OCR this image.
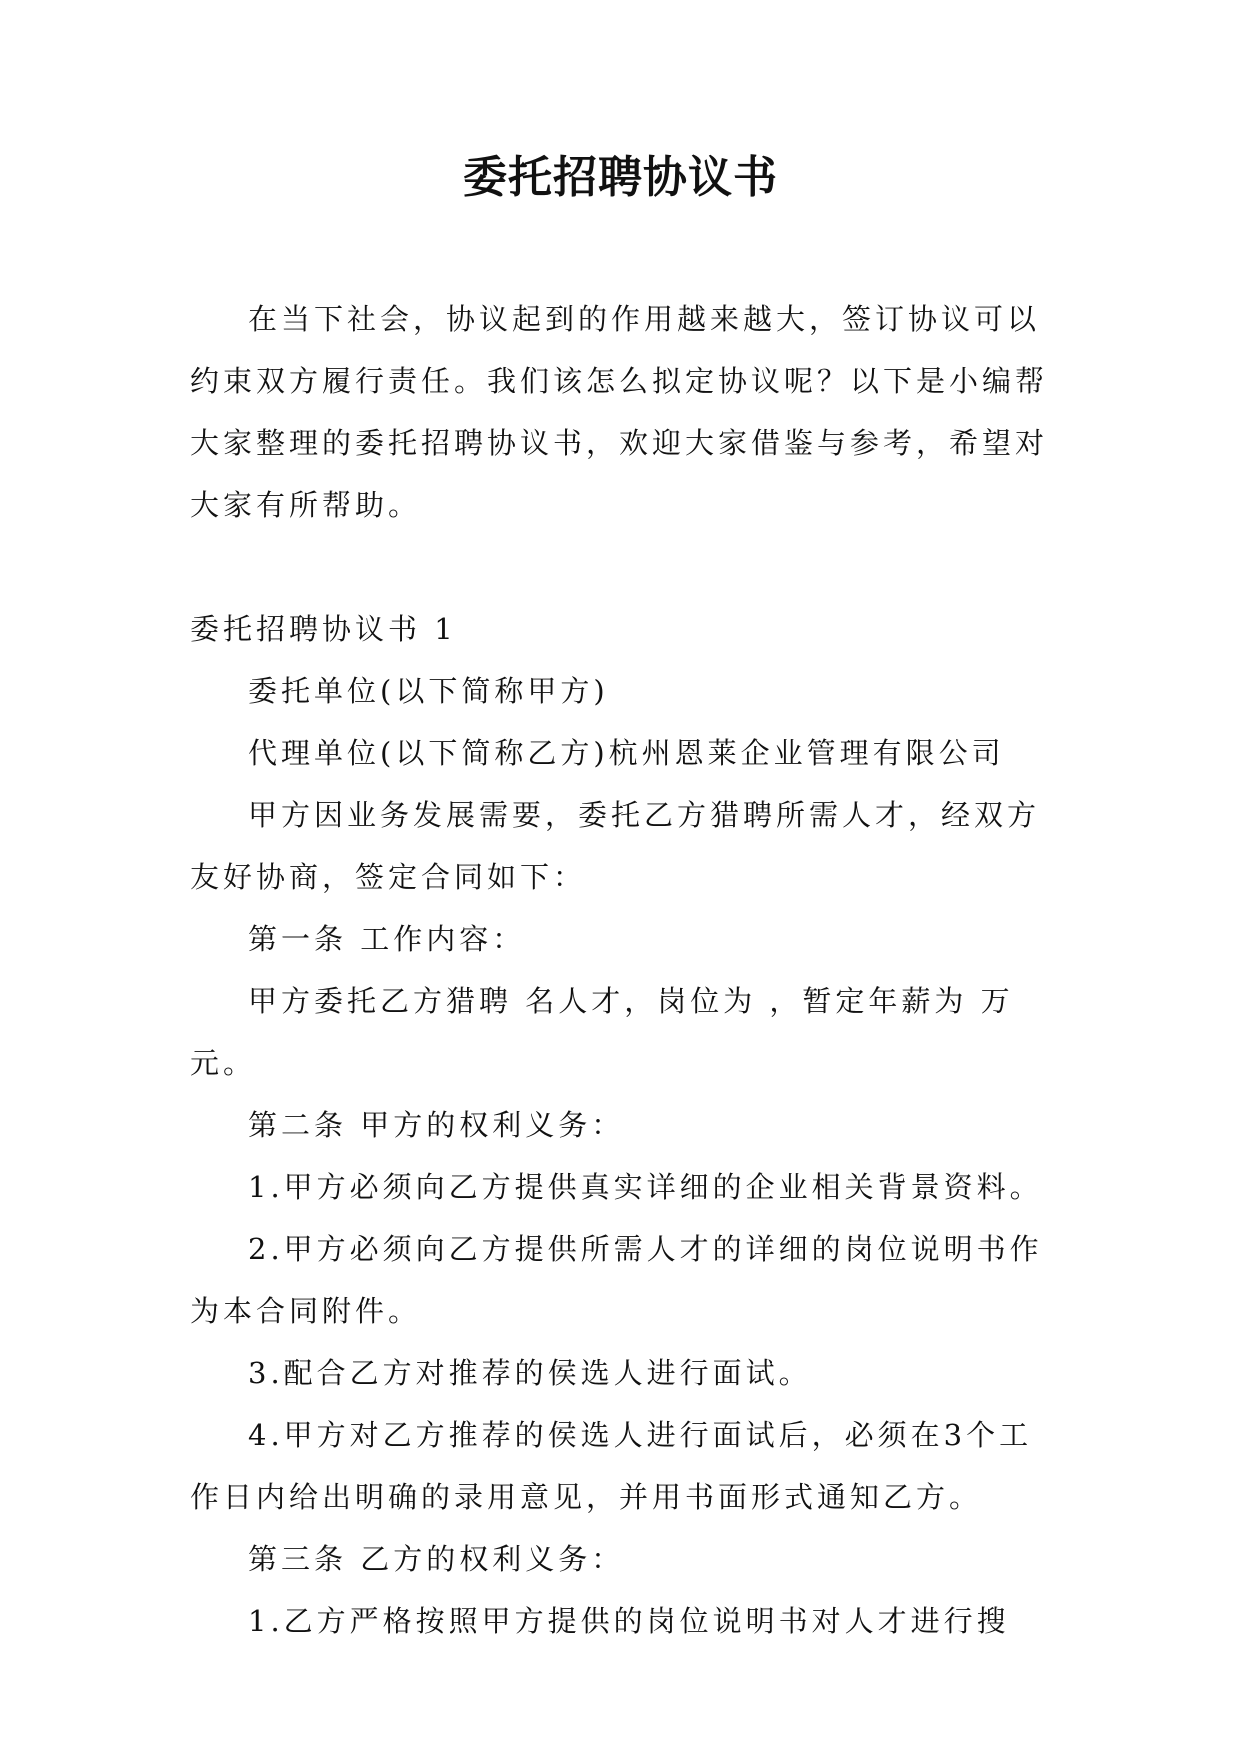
委托招聘协议书

在当下社会，协议起到的作用越来越大，签订协议可以约束双方履行责任。我们该怎么拟定协议呢？以下是小编帮大家整理的委托招聘协议书，欢迎大家借鉴与参考，希望对大家有所帮助。

委托招聘协议书 1

委托单位(以下简称甲方)

代理单位(以下简称乙方)杭州恩莱企业管理有限公司

甲方因业务发展需要，委托乙方猎聘所需人才，经双方友好协商，签定合同如下：

第一条 工作内容：

甲方委托乙方猎聘 名人才，岗位为 ，暂定年薪为 万元。

第二条 甲方的权利义务：

1.甲方必须向乙方提供真实详细的企业相关背景资料。

2.甲方必须向乙方提供所需人才的详细的岗位说明书作为本合同附件。

3.配合乙方对推荐的侯选人进行面试。

4.甲方对乙方推荐的侯选人进行面试后，必须在3个工作日内给出明确的录用意见，并用书面形式通知乙方。

第三条 乙方的权利义务：

1.乙方严格按照甲方提供的岗位说明书对人才进行搜
